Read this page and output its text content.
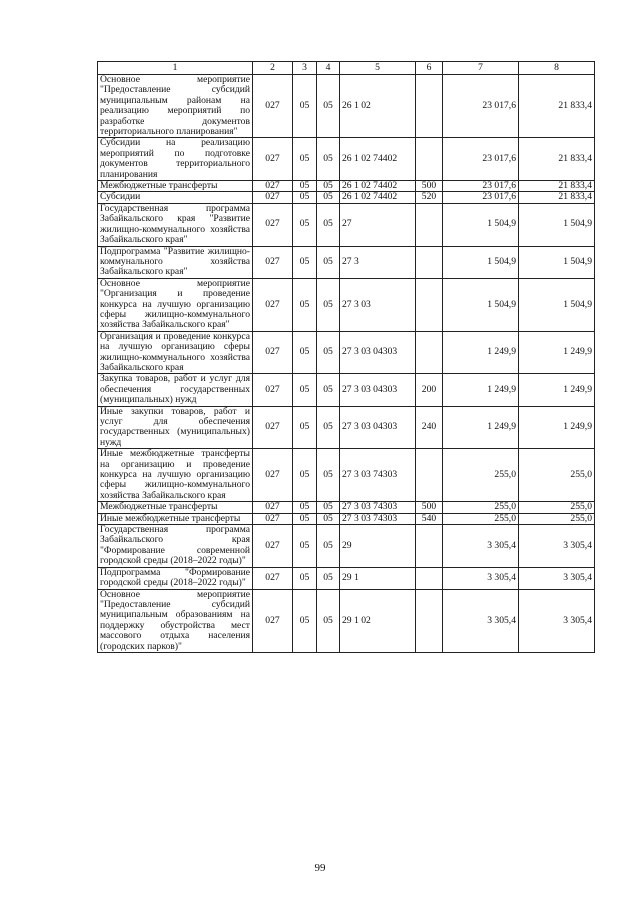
1	2	3	4	5	6	7	8
Основное мероприятие "Предоставление субсидий муниципальным районам на реализацию мероприятий по разработке документов территориального планирования"	027	05	05	26 1 02		23 017,6	21 833,4
Субсидии на реализацию мероприятий по подготовке документов территориального планирования	027	05	05	26 1 02 74402		23 017,6	21 833,4
Межбюджетные трансферты	027	05	05	26 1 02 74402	500	23 017,6	21 833,4
Субсидии	027	05	05	26 1 02 74402	520	23 017,6	21 833,4
Государственная программа Забайкальского края "Развитие жилищно-коммунального хозяйства Забайкальского края"	027	05	05	27		1 504,9	1 504,9
Подпрограмма "Развитие жилищно-коммунального хозяйства Забайкальского края"	027	05	05	27 3		1 504,9	1 504,9
Основное мероприятие "Организация и проведение конкурса на лучшую организацию сферы жилищно-коммунального хозяйства Забайкальского края"	027	05	05	27 3 03		1 504,9	1 504,9
Организация и проведение конкурса на лучшую организацию сферы жилищно-коммунального хозяйства Забайкальского края	027	05	05	27 3 03 04303		1 249,9	1 249,9
Закупка товаров, работ и услуг для обеспечения государственных (муниципальных) нужд	027	05	05	27 3 03 04303	200	1 249,9	1 249,9
Иные закупки товаров, работ и услуг для обеспечения государственных (муниципальных) нужд	027	05	05	27 3 03 04303	240	1 249,9	1 249,9
Иные межбюджетные трансферты на организацию и проведение конкурса на лучшую организацию сферы жилищно-коммунального хозяйства Забайкальского края	027	05	05	27 3 03 74303		255,0	255,0
Межбюджетные трансферты	027	05	05	27 3 03 74303	500	255,0	255,0
Иные межбюджетные трансферты	027	05	05	27 3 03 74303	540	255,0	255,0
Государственная программа Забайкальского края "Формирование современной городской среды (2018–2022 годы)"	027	05	05	29		3 305,4	3 305,4
Подпрограмма "Формирование городской среды (2018–2022 годы)"	027	05	05	29 1		3 305,4	3 305,4
Основное мероприятие "Предоставление субсидий муниципальным образованиям на поддержку обустройства мест массового отдыха населения (городских парков)"	027	05	05	29 1 02		3 305,4	3 305,4
99
